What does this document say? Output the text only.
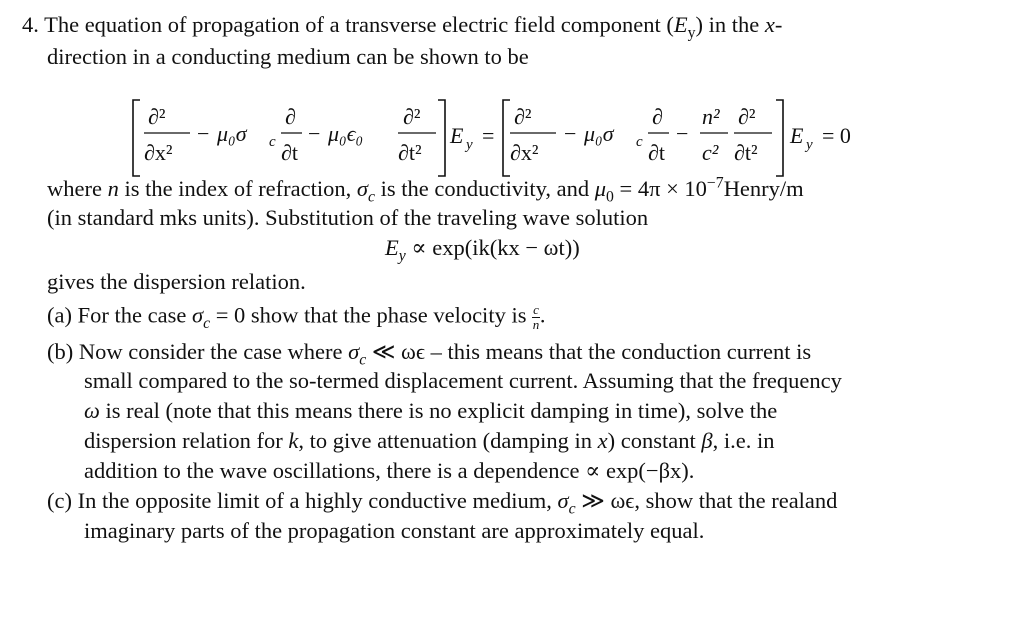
4. The equation of propagation of a transverse electric field component $(E_y)$ in the x-
direction in a conducting medium can be shown to be
∂²
∂x²
− μ₀σ c
∂
∂t
− μ₀ϵ₀
∂²
∂t²
E y =
∂²
∂x²
− μ₀σ c
∂
∂t
−
n²
c²
∂²
∂t²
E y = 0
where n is the index of refraction, $\sigma_c$ is the conductivity, and $\mu_0 = 4\pi$ × $10^{-7}Henry/m$
(in standard mks units). Substitution of the traveling wave solution
$E_y \propto \exp(ik(kx - \omega t))$
gives the dispersion relation.
(a) For the case $\sigma_c = 0$ show that the phase velocity is $\frac{c}{n}$ .
(b) Now consider the case where $\sigma_c$ ≪ ωϵ – this means that the conduction current is
small compared to the so-termed displacement current. Assuming that the frequency
ω is real (note that this means there is no explicit damping in time), solve the
dispersion relation for k, to give attenuation (damping in x) constant β, i.e. in
addition to the wave oscillations, there is a dependence ∝ exp(−βx).
(c) In the opposite limit of a highly conductive medium, $\sigma_c$ ≫ ωϵ, show that the realand
imaginary parts of the propagation constant are approximately equal.
